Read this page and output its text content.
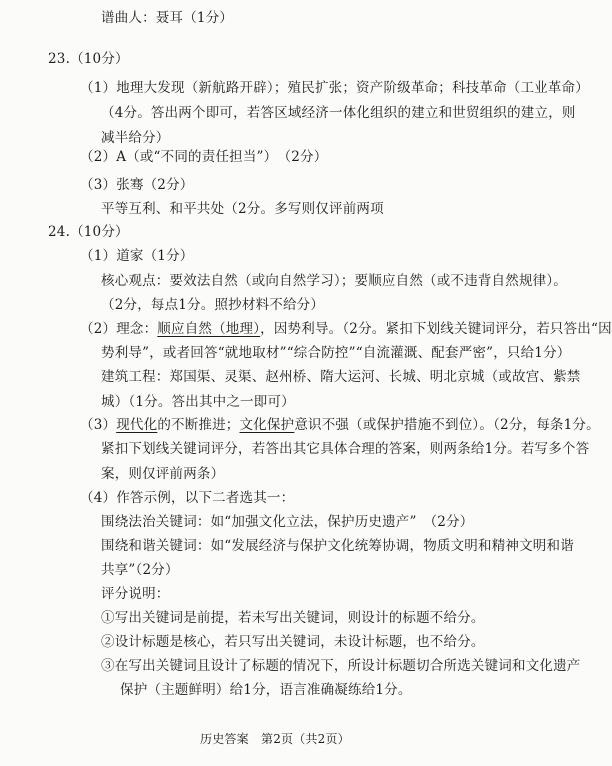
谱曲人：聂耳（1分）
23.（10分）
（1）地理大发现（新航路开辟）；殖民扩张；资产阶级革命；科技革命（工业革命）
（4分。答出两个即可，若答区域经济一体化组织的建立和世贸组织的建立，则
减半给分）
（2）A（或“不同的责任担当”）　（2分）
（3）张骞（2分）
平等互利、和平共处（2分。多写则仅评前两项
24.（10分）
（1）道家（1分）
核心观点：要效法自然（或向自然学习）；要顺应自然（或不违背自然规律）。
（2分，每点1分。照抄材料不给分）
（2）理念：顺应自然（地理），因势利导。（2分。紧扣下划线关键词评分，若只答出“因
势利导”，或者回答“就地取材”“综合防控”“自流灌溉、配套严密”，只给1分）
建筑工程：郑国渠、灵渠、赵州桥、隋大运河、长城、明北京城（或故宫、紫禁
城）（1分。答出其中之一即可）
（3）现代化的不断推进；文化保护意识不强（或保护措施不到位）。（2分，每条1分。
紧扣下划线关键词评分，若答出其它具体合理的答案，则两条给1分。若写多个答
案，则仅评前两条）
（4）作答示例，以下二者选其一：
围绕法治关键词：如“加强文化立法，保护历史遗产”　（2分）
围绕和谐关键词：如“发展经济与保护文化统筹协调，物质文明和精神文明和谐
共享”（2分）
评分说明：
①写出关键词是前提，若未写出关键词，则设计的标题不给分。
②设计标题是核心，若只写出关键词，未设计标题，也不给分。
③在写出关键词且设计了标题的情况下，所设计标题切合所选关键词和文化遗产
保护（主题鲜明）给1分，语言准确凝练给1分。
历史答案　第2页（共2页）
